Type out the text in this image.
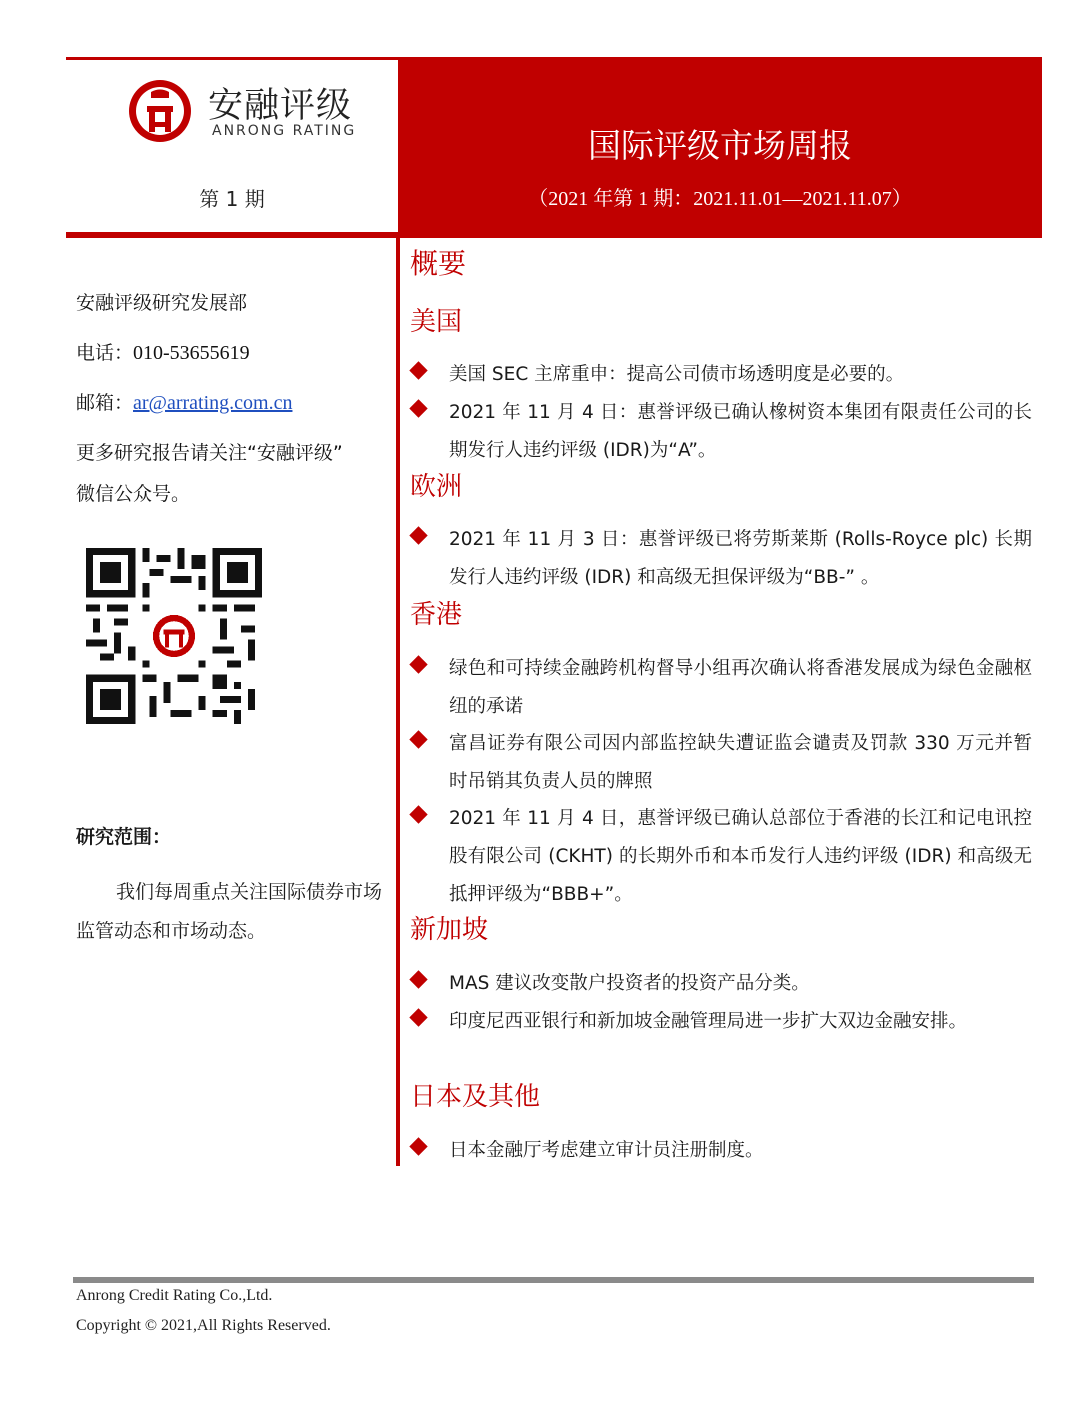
安融评级
ANRONG RATING
第 1 期
国际评级市场周报
（2021 年第 1 期：2021.11.01—2021.11.07）
安融评级研究发展部
电话：010-53655619
邮箱：ar@arrating.com.cn
更多研究报告请关注“安融评级”
微信公众号。
研究范围：
我们每周重点关注国际债券市场监管动态和市场动态。
概要
美国
美国 SEC 主席重申：提高公司债市场透明度是必要的。
2021 年 11 月 4 日：惠誉评级已确认橡树资本集团有限责任公司的长期发行人违约评级 (IDR)为“A”。
欧洲
2021 年 11 月 3 日：惠誉评级已将劳斯莱斯 (Rolls-Royce plc) 长期发行人违约评级 (IDR) 和高级无担保评级为“BB-” 。
香港
绿色和可持续金融跨机构督导小组再次确认将香港发展成为绿色金融枢纽的承诺
富昌证券有限公司因内部监控缺失遭证监会谴责及罚款 330 万元并暂时吊销其负责人员的牌照
2021 年 11 月 4 日，惠誉评级已确认总部位于香港的长江和记电讯控股有限公司 (CKHT) 的长期外币和本币发行人违约评级 (IDR) 和高级无抵押评级为“BBB+”。
新加坡
MAS 建议改变散户投资者的投资产品分类。
印度尼西亚银行和新加坡金融管理局进一步扩大双边金融安排。
日本及其他
日本金融厅考虑建立审计员注册制度。
Anrong Credit Rating Co.,Ltd.
Copyright © 2021,All Rights Reserved.
